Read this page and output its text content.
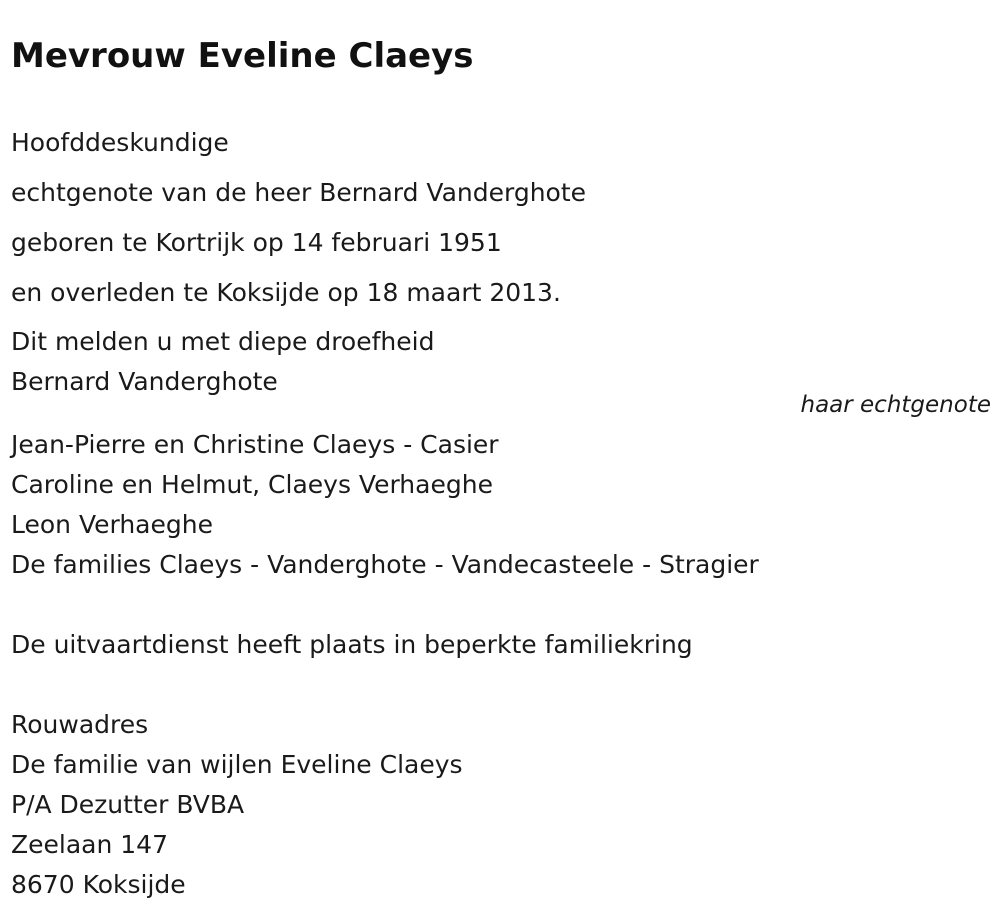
Mevrouw Eveline Claeys
Hoofddeskundige
echtgenote van de heer Bernard Vanderghote
geboren te Kortrijk op 14 februari 1951
en overleden te Koksijde op 18 maart 2013.
Dit melden u met diepe droefheid
Bernard Vanderghote
haar echtgenote
Jean-Pierre en Christine Claeys - Casier
Caroline en Helmut, Claeys Verhaeghe
Leon Verhaeghe
De families Claeys - Vanderghote - Vandecasteele - Stragier
De uitvaartdienst heeft plaats in beperkte familiekring
Rouwadres
De familie van wijlen Eveline Claeys
P/A Dezutter BVBA
Zeelaan 147
8670 Koksijde
